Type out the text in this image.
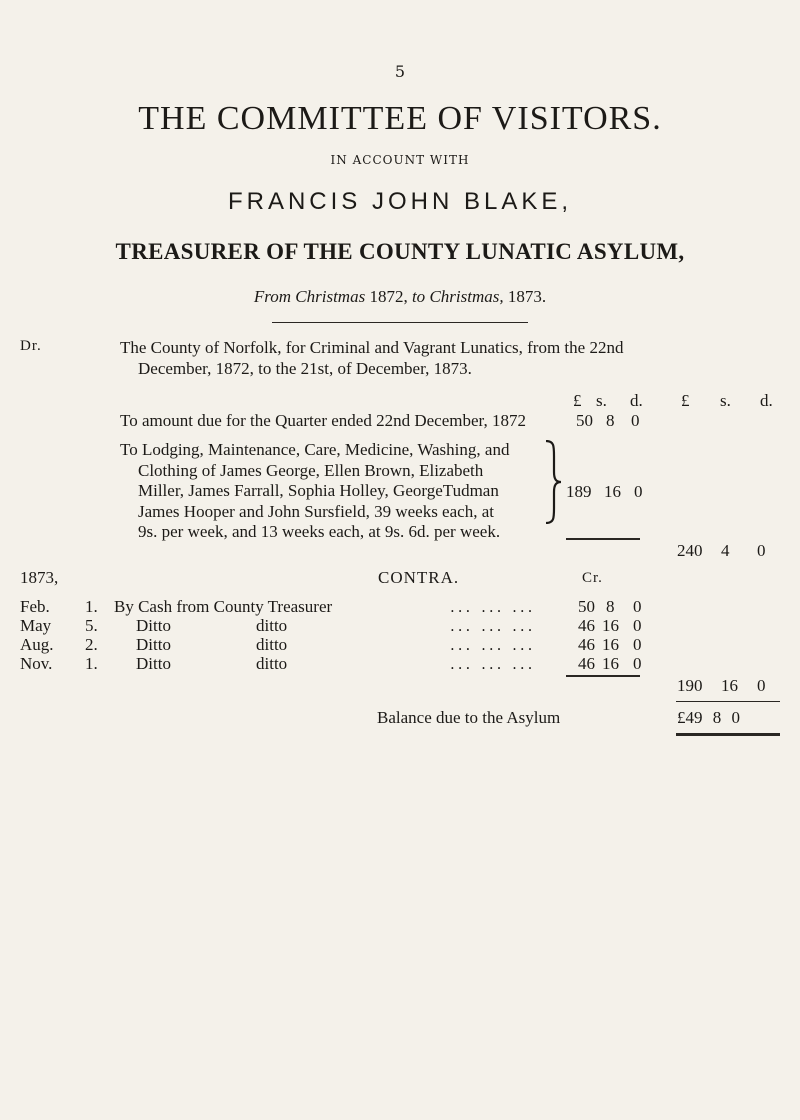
5
THE COMMITTEE OF VISITORS.
IN ACCOUNT WITH
FRANCIS JOHN BLAKE,
TREASURER OF THE COUNTY LUNATIC ASYLUM,
From Christmas 1872, to Christmas, 1873.
Dr.	The County of Norfolk, for Criminal and Vagrant Lunatics, from the 22nd
December, 1872, to the 21st, of December, 1873.
£ s. d. £ s. d.
To amount due for the Quarter ended 22nd December, 1872	50 8 0
To Lodging, Maintenance, Care, Medicine, Washing, and
Clothing of James George, Ellen Brown, Elizabeth
Miller, James Farrall, Sophia Holley, GeorgeTudman
James Hooper and John Sursfield, 39 weeks each, at
9s. per week, and 13 weeks each, at 9s. 6d. per week.
189 16 0
240 4 0
1873,	CONTRA.	Cr.
Feb. 1. By Cash from County Treasurer	... ... ...	50 8 0
May 5. Ditto	ditto	... ... ...	46 16 0
Aug. 2. Ditto	ditto	... ... ...	46 16 0
Nov. 1. Ditto	ditto	... ... ...	46 16 0
190 16 0
Balance due to the Asylum	£49 8 0
